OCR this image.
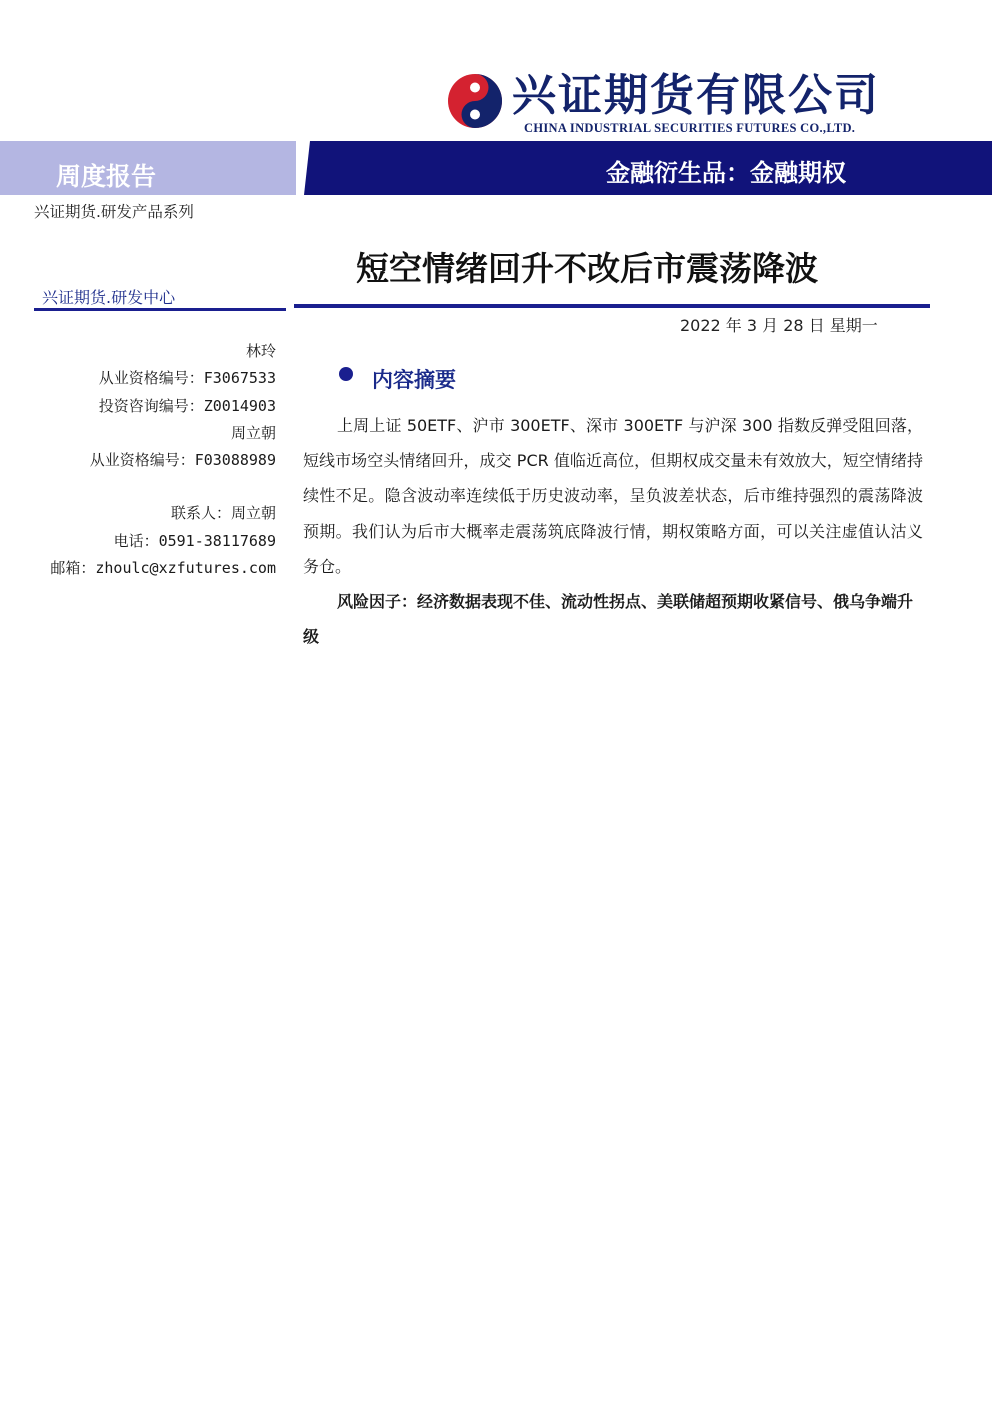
兴证期货有限公司
CHINA INDUSTRIAL SECURITIES FUTURES CO.,LTD.
周度报告	金融衍生品：金融期权
兴证期货.研发产品系列
短空情绪回升不改后市震荡降波
2022 年 3 月 28 日 星期一
兴证期货.研发中心
林玲
从业资格编号：F3067533
投资咨询编号：Z0014903
周立朝
从业资格编号：F03088989
联系人：周立朝
电话：0591-38117689
邮箱：zhoulc@xzfutures.com
内容摘要

上周上证 50ETF、沪市 300ETF、深市 300ETF 与沪深 300 指数反弹受阻回落，短线市场空头情绪回升，成交 PCR 值临近高位，但期权成交量未有效放大，短空情绪持续性不足。隐含波动率连续低于历史波动率，呈负波差状态，后市维持强烈的震荡降波预期。我们认为后市大概率走震荡筑底降波行情，期权策略方面，可以关注虚值认沽义务仓。

风险因子：经济数据表现不佳、流动性拐点、美联储超预期收紧信号、俄乌争端升级
